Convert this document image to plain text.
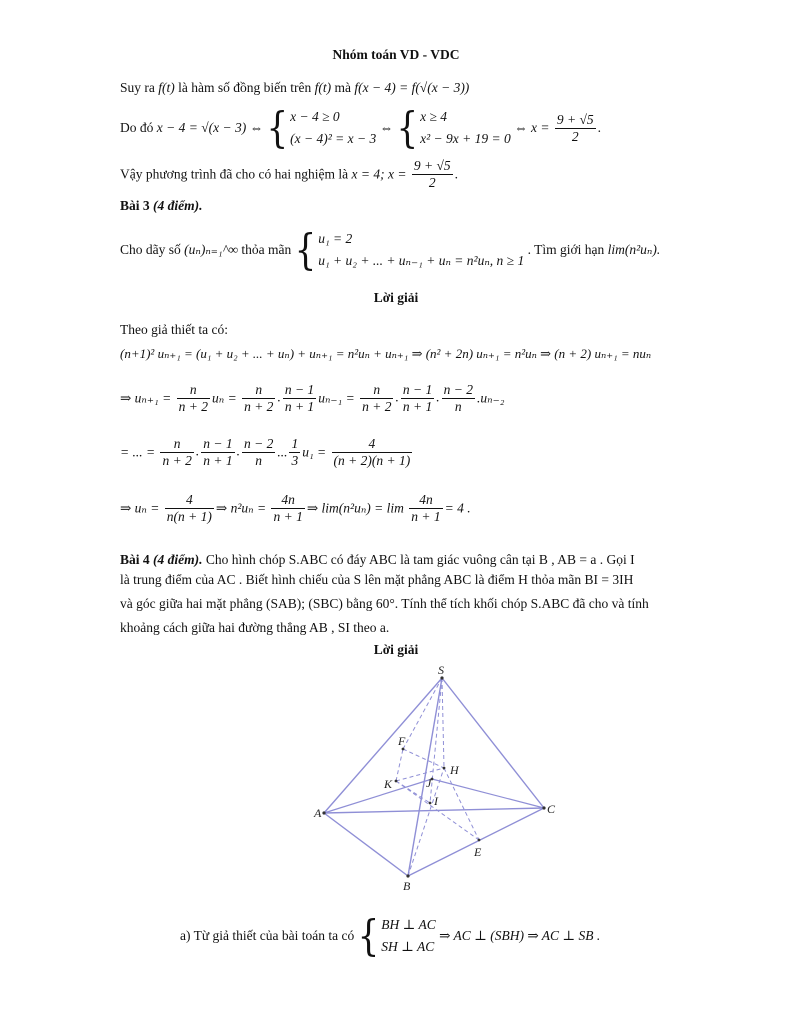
Nhóm toán VD - VDC
Suy ra f(t) là hàm số đồng biến trên f(t) mà f(x − 4) = f(√(x − 3))
Do đó x − 4 = √(x − 3) ⇔ { x − 4 ≥ 0
(x − 4)² = x − 3 ⇔ { x ≥ 4
x² − 9x + 19 = 0 ⇔ $x = \frac{9 + √5}{2}$ .
Vậy phương trình đã cho có hai nghiệm là x = 4; $x = \frac{9 + √5}{2}$ .
Bài 3 (4 điểm).
Cho dãy số (uₙ)ₙ₌₁^∞ thỏa mãn { u₁ = 2
u₁ + u₂ + ... + uₙ₋₁ + uₙ = n²uₙ, n ≥ 1 . Tìm giới hạn lim(n²uₙ).
Lời giải
Theo giả thiết ta có:
(n+1)² uₙ₊₁ = (u₁ + u₂ + ... + uₙ) + uₙ₊₁ = n²uₙ + uₙ₊₁ ⇒ (n² + 2n) uₙ₊₁ = n²uₙ ⇒ (n + 2) uₙ₊₁ = nuₙ
⇒ $u_{n+1} = \frac{n}{n + 2}$ $u_n = \frac{n}{n + 2}$ . $\frac{n - 1}{n + 1} u_{n-1} = \frac{n}{n + 2}$ . $\frac{n - 1}{n + 1}$ . $\frac{n - 2}{n} .u_{n-2}$
= ... = $\frac{n}{n + 2}$ . $\frac{n - 1}{n + 1}$ . $\frac{n - 2}{n}$ ... $\frac{1}{3} u_1 = \frac{4}{(n + 2)(n + 1)}$
⇒ $u_n = \frac{4}{n(n + 1)}$ ⇒ $n^2u_n = \frac{4n}{n + 1}$ ⇒ $\lim(n^2u_n) = \lim \frac{4n}{n + 1} = 4$ .
Bài 4 (4 điểm). Cho hình chóp S.ABC có đáy ABC là tam giác vuông cân tại B , AB = a . Gọi I
là trung điểm của AC . Biết hình chiếu của S lên mặt phẳng ABC là điểm H thỏa mãn BI = 3IH
và góc giữa hai mặt phẳng (SAB); (SBC) bằng 60°. Tính thể tích khối chóp S.ABC đã cho và tính
khoảng cách giữa hai đường thẳng AB , SI theo a.
Lời giải
S
F
H
K	J
I
A	C
E
B
a) Từ giả thiết của bài toán ta có { BH ⊥ AC
SH ⊥ AC ⇒ AC ⊥ (SBH) ⇒ AC ⊥ SB .
